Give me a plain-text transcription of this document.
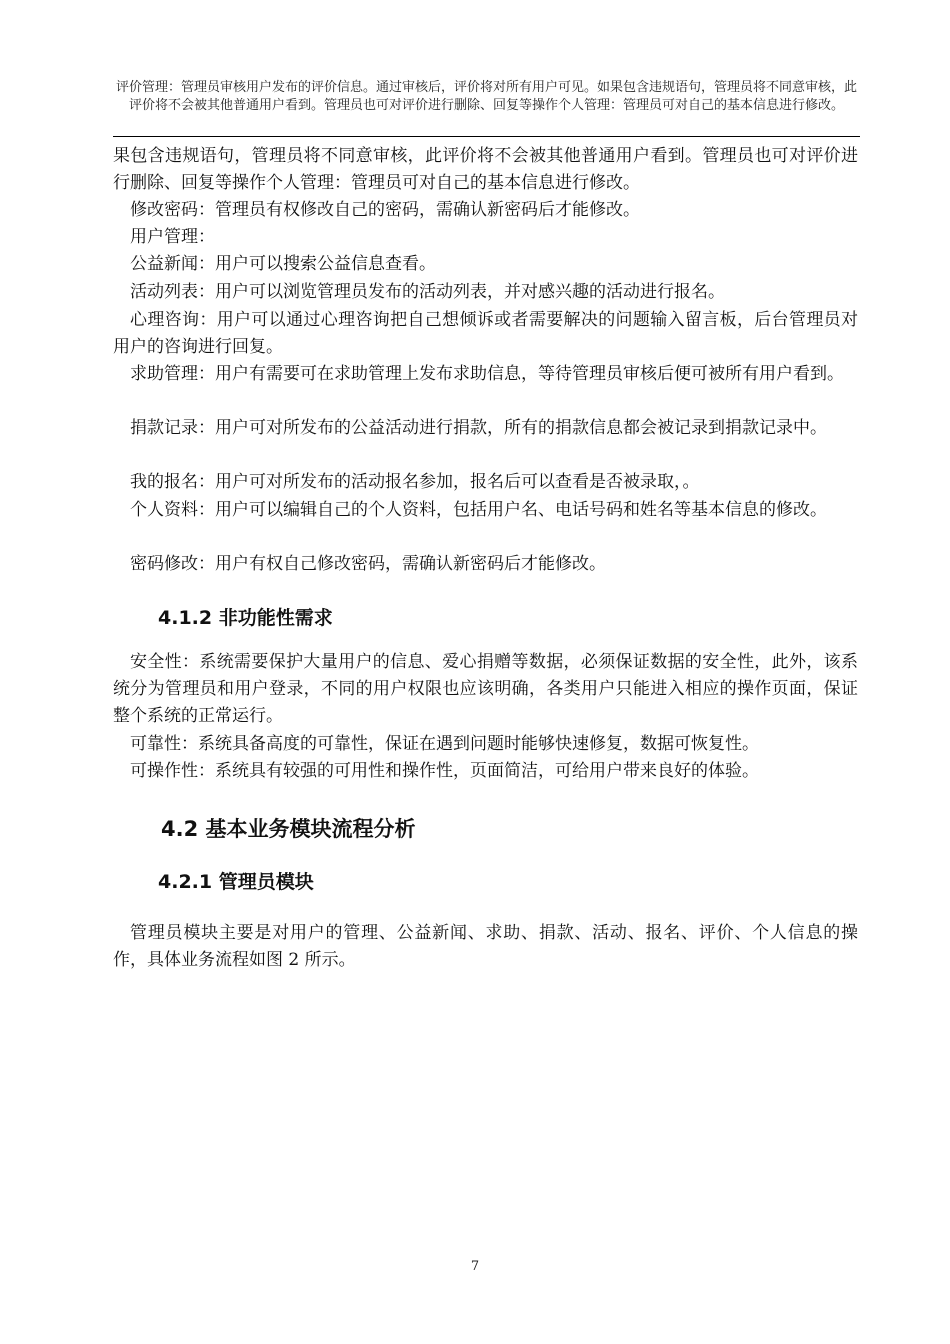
评价管理：管理员审核用户发布的评价信息。通过审核后，评价将对所有用户可见。如果包含违规语句，管理员将不同意审核，此评价将不会被其他普通用户看到。管理员也可对评价进行删除、回复等操作个人管理：管理员可对自己的基本信息进行修改。
果包含违规语句，管理员将不同意审核，此评价将不会被其他普通用户看到。管理员也可对评价进行删除、回复等操作个人管理：管理员可对自己的基本信息进行修改。
修改密码：管理员有权修改自己的密码，需确认新密码后才能修改。
用户管理：
公益新闻：用户可以搜索公益信息查看。
活动列表：用户可以浏览管理员发布的活动列表，并对感兴趣的活动进行报名。
心理咨询：用户可以通过心理咨询把自己想倾诉或者需要解决的问题输入留言板，后台管理员对用户的咨询进行回复。
求助管理：用户有需要可在求助管理上发布求助信息，等待管理员审核后便可被所有用户看到。
捐款记录：用户可对所发布的公益活动进行捐款，所有的捐款信息都会被记录到捐款记录中。
我的报名：用户可对所发布的活动报名参加，报名后可以查看是否被录取，。
个人资料：用户可以编辑自己的个人资料，包括用户名、电话号码和姓名等基本信息的修改。
密码修改：用户有权自己修改密码，需确认新密码后才能修改。
4.1.2 非功能性需求
安全性：系统需要保护大量用户的信息、爱心捐赠等数据，必须保证数据的安全性，此外，该系统分为管理员和用户登录，不同的用户权限也应该明确，各类用户只能进入相应的操作页面，保证整个系统的正常运行。
可靠性：系统具备高度的可靠性，保证在遇到问题时能够快速修复，数据可恢复性。
可操作性：系统具有较强的可用性和操作性，页面简洁，可给用户带来良好的体验。
4.2 基本业务模块流程分析
4.2.1 管理员模块
管理员模块主要是对用户的管理、公益新闻、求助、捐款、活动、报名、评价、个人信息的操作，具体业务流程如图 2 所示。
7
